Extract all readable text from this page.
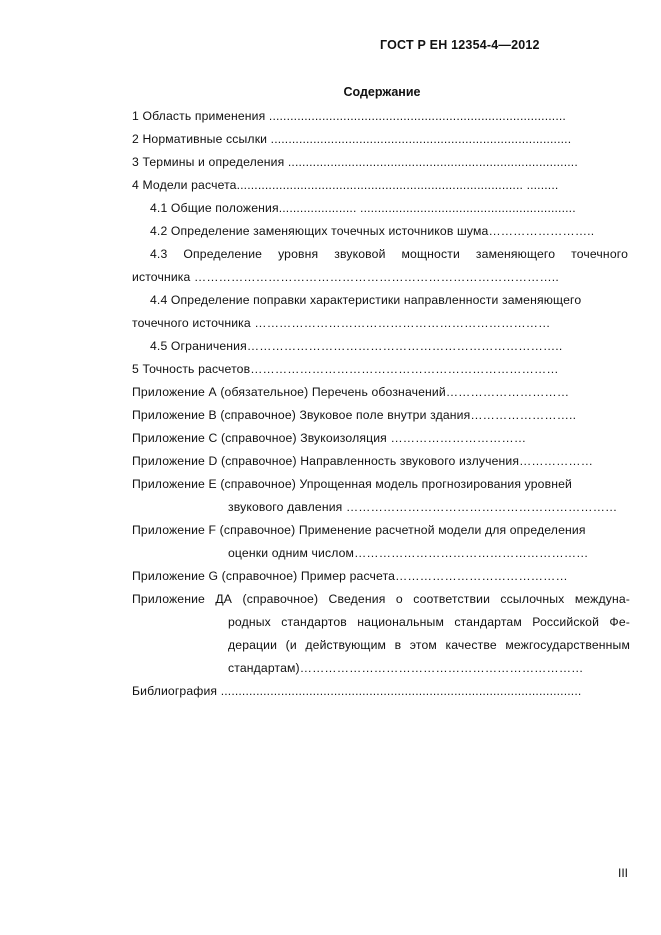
ГОСТ Р ЕН 12354-4—2012
Содержание
1 Область применения ....................................................................................
2 Нормативные ссылки .....................................................................................
3 Термины и определения ..................................................................................
4 Модели расчета................................................................................. .........
4.1 Общие положения...................... .............................................................
4.2 Определение заменяющих точечных источников шума……………………..
4.3 Определение уровня звуковой мощности заменяющего точечного
источника ……………………………………………………………………………..
4.4 Определение поправки характеристики направленности заменяющего
точечного источника ………………………………………………………………
4.5 Ограничения…………………………………………………………………..
5 Точность расчетов…………………………………………………………………
Приложение А (обязательное) Перечень обозначений…………………………
Приложение В (справочное) Звуковое поле внутри здания……………………..
Приложение С (справочное) Звукоизоляция ……………………………
Приложение D (справочное) Направленность звукового излучения………………
Приложение E (справочное) Упрощенная модель прогнозирования уровней
звукового давления …………………………………………………………
Приложение F (справочное) Применение расчетной модели для определения
оценки одним числом…………………………………………………
Приложение G (справочное) Пример расчета……………………………………
Приложение ДА (справочное) Сведения о соответствии ссылочных междуна-
родных стандартов национальным стандартам Российской Фе-
дерации (и действующим в этом качестве межгосударственным
стандартам)……………………………………………………………
Библиография ......................................................................................................
III
